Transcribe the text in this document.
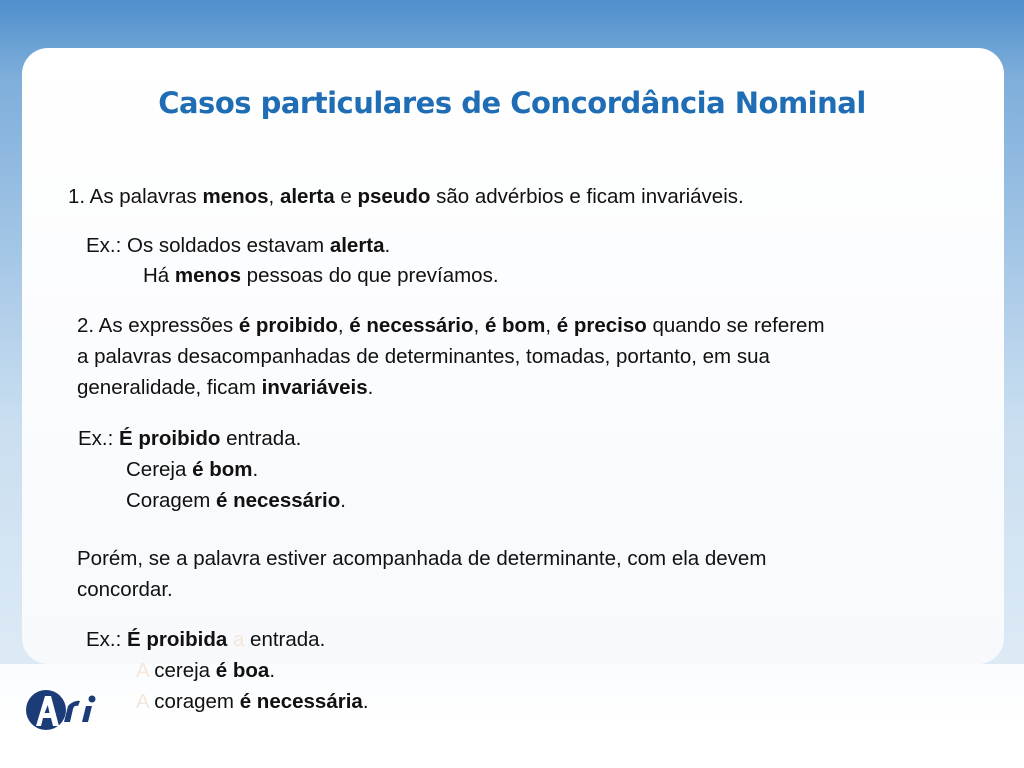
Casos particulares de Concordância Nominal
1. As palavras menos, alerta e pseudo são advérbios e ficam invariáveis.
Ex.: Os soldados estavam alerta.
Há menos pessoas do que prevíamos.
2. As expressões é proibido, é necessário, é bom, é preciso quando se referem
a palavras desacompanhadas de determinantes, tomadas, portanto, em sua
generalidade, ficam invariáveis.
Ex.: É proibido entrada.
Cereja é bom.
Coragem é necessário.
Porém, se a palavra estiver acompanhada de determinante, com ela devem
concordar.
Ex.: É proibida a entrada.
A cereja é boa.
A coragem é necessária.
